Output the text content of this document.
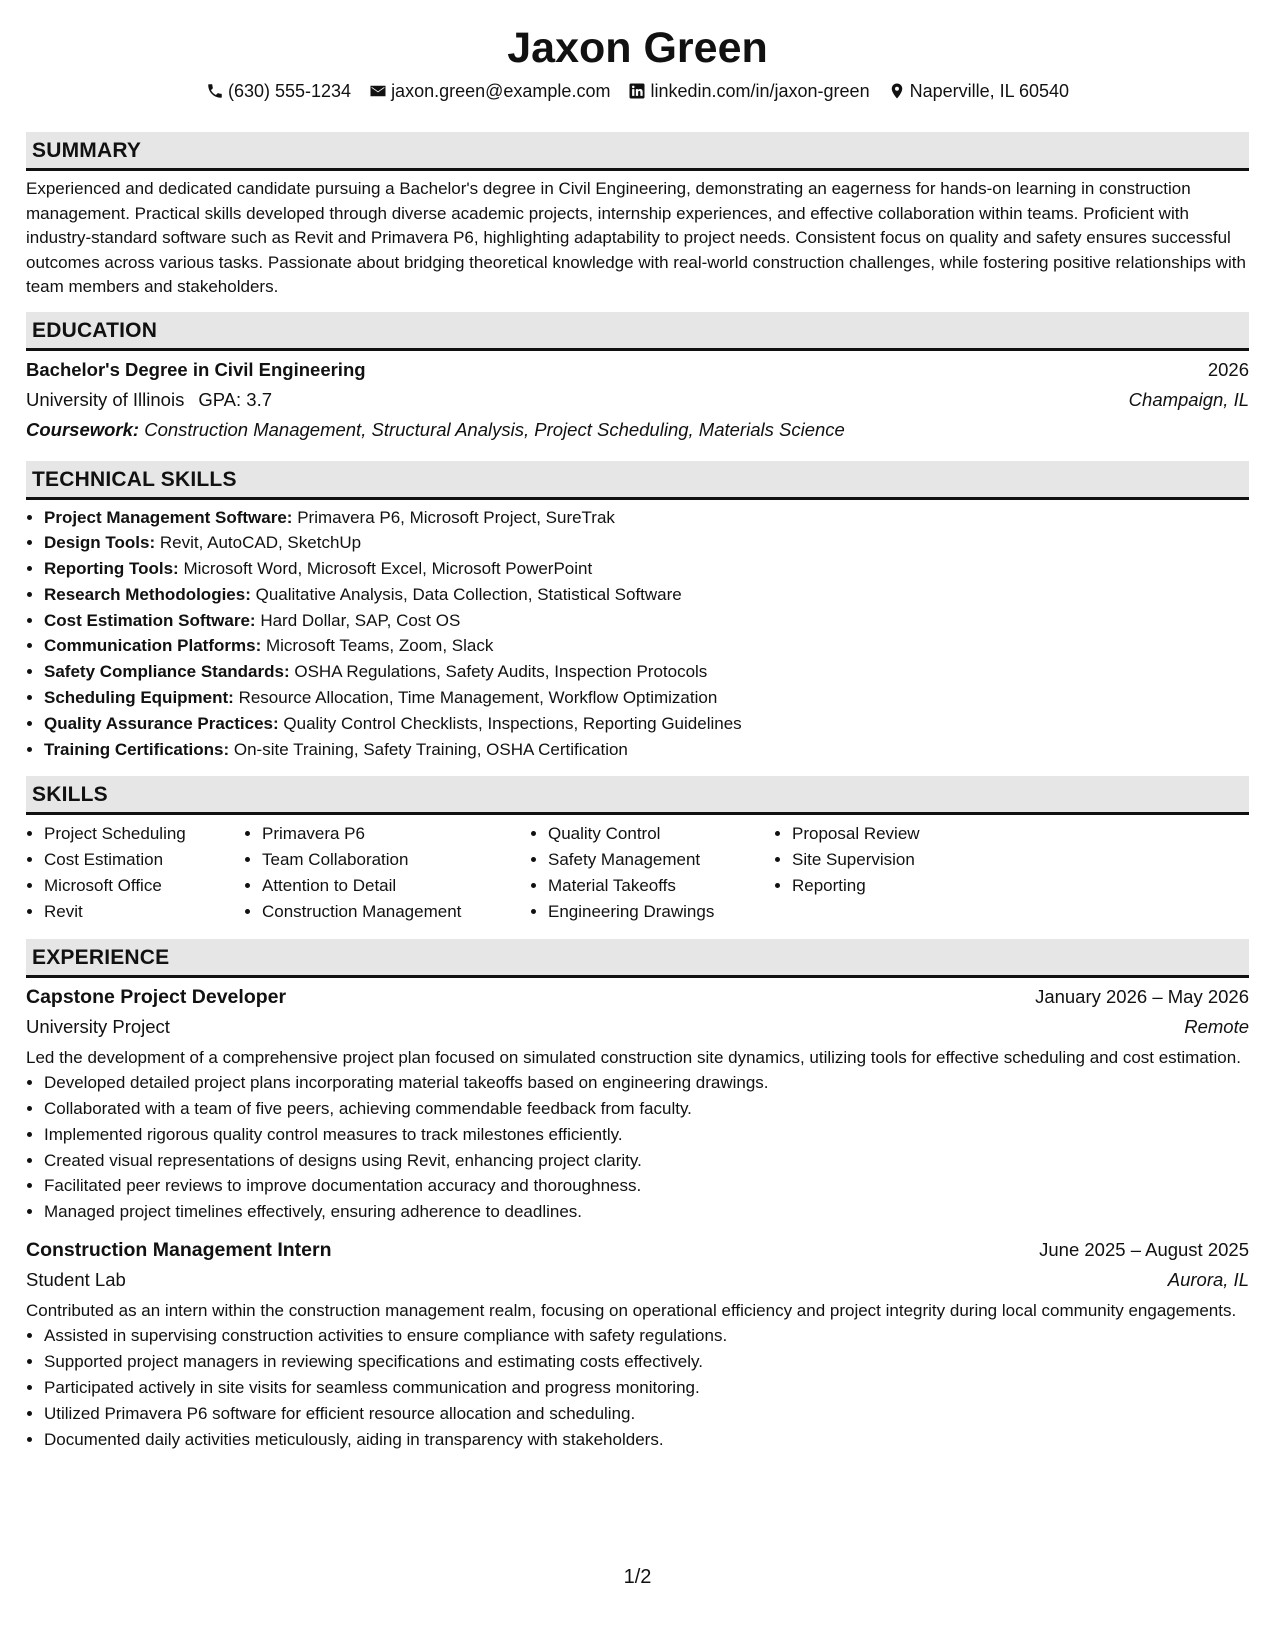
Jaxon Green
(630) 555-1234 jaxon.green@example.com linkedin.com/in/jaxon-green Naperville, IL 60540
SUMMARY

Experienced and dedicated candidate pursuing a Bachelor's degree in Civil Engineering, demonstrating an eagerness for hands-on learning in construction management. Practical skills developed through diverse academic projects, internship experiences, and effective collaboration within teams. Proficient with industry-standard software such as Revit and Primavera P6, highlighting adaptability to project needs. Consistent focus on quality and safety ensures successful outcomes across various tasks. Passionate about bridging theoretical knowledge with real-world construction challenges, while fostering positive relationships with team members and stakeholders.

EDUCATION
Bachelor's Degree in Civil Engineering	2026
University of Illinois GPA: 3.7	Champaign, IL
Coursework: Construction Management, Structural Analysis, Project Scheduling, Materials Science
TECHNICAL SKILLS
• Project Management Software: Primavera P6, Microsoft Project, SureTrak
• Design Tools: Revit, AutoCAD, SketchUp
• Reporting Tools: Microsoft Word, Microsoft Excel, Microsoft PowerPoint
• Research Methodologies: Qualitative Analysis, Data Collection, Statistical Software
• Cost Estimation Software: Hard Dollar, SAP, Cost OS
• Communication Platforms: Microsoft Teams, Zoom, Slack
• Safety Compliance Standards: OSHA Regulations, Safety Audits, Inspection Protocols
• Scheduling Equipment: Resource Allocation, Time Management, Workflow Optimization
• Quality Assurance Practices: Quality Control Checklists, Inspections, Reporting Guidelines
• Training Certifications: On-site Training, Safety Training, OSHA Certification
SKILLS
• Project Scheduling
• Cost Estimation
• Microsoft Office
• Revit
• Primavera P6
• Team Collaboration
• Attention to Detail
• Construction Management
• Quality Control
• Safety Management
• Material Takeoffs
• Engineering Drawings
• Proposal Review
• Site Supervision
• Reporting
EXPERIENCE
Capstone Project Developer	January 2026 – May 2026
University Project	Remote
Led the development of a comprehensive project plan focused on simulated construction site dynamics, utilizing tools for effective scheduling and cost estimation.
• Developed detailed project plans incorporating material takeoffs based on engineering drawings.
• Collaborated with a team of five peers, achieving commendable feedback from faculty.
• Implemented rigorous quality control measures to track milestones efficiently.
• Created visual representations of designs using Revit, enhancing project clarity.
• Facilitated peer reviews to improve documentation accuracy and thoroughness.
• Managed project timelines effectively, ensuring adherence to deadlines.
Construction Management Intern	June 2025 – August 2025
Student Lab	Aurora, IL
Contributed as an intern within the construction management realm, focusing on operational efficiency and project integrity during local community engagements.
• Assisted in supervising construction activities to ensure compliance with safety regulations.
• Supported project managers in reviewing specifications and estimating costs effectively.
• Participated actively in site visits for seamless communication and progress monitoring.
• Utilized Primavera P6 software for efficient resource allocation and scheduling.
• Documented daily activities meticulously, aiding in transparency with stakeholders.
1/2
